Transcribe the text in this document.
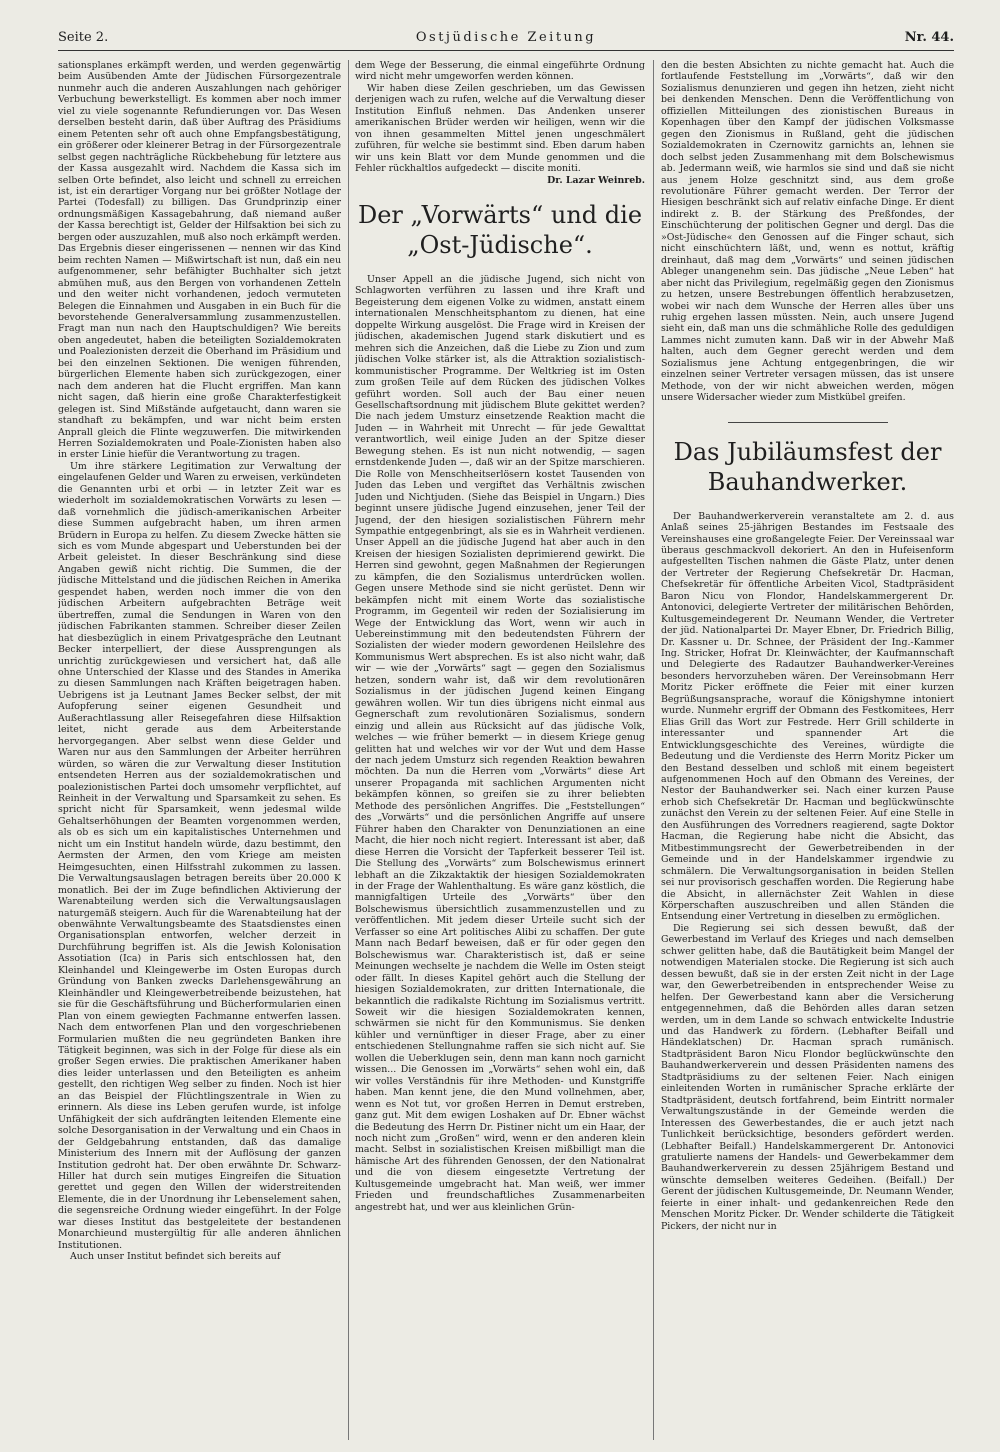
Seite 2.	Ostjüdische Zeitung	Nr. 44.

sationsplanes erkämpft werden, und werden gegenwärtig beim Ausübenden Amte der Jüdischen Fürsorgezentrale nunmehr auch die anderen Auszahlungen nach gehöriger Verbuchung bewerkstelligt. Es kommen aber noch immer viel zu viele sogenannte Refundierungen vor. Das Wesen derselben besteht darin, daß über Auftrag des Präsidiums einem Petenten sehr oft auch ohne Empfangsbestätigung, ein größerer oder kleinerer Betrag in der Fürsorgezentrale selbst gegen nachträgliche Rückbehebung für letztere aus der Kassa ausgezahlt wird. Nachdem die Kassa sich im selben Orte befindet, also leicht und schnell zu erreichen ist, ist ein derartiger Vorgang nur bei größter Notlage der Partei (Todesfall) zu billigen. Das Grundprinzip einer ordnungsmäßigen Kassagebahrung, daß niemand außer der Kassa berechtigt ist, Gelder der Hilfsaktion bei sich zu bergen oder auszuzahlen, muß also noch erkämpft werden. Das Ergebnis dieser eingerissenen — nennen wir das Kind beim rechten Namen — Mißwirtschaft ist nun, daß ein neu aufgenommener, sehr befähigter Buchhalter sich jetzt abmühen muß, aus den Bergen von vorhandenen Zetteln und den weiter nicht vorhandenen, jedoch vermuteten Belegen die Einnahmen und Ausgaben in ein Buch für die bevorstehende Generalversammlung zusammenzustellen. Fragt man nun nach den Hauptschuldigen? Wie bereits oben angedeutet, haben die beteiligten Sozialdemokraten und Poalezionisten derzeit die Oberhand im Präsidium und bei den einzelnen Sektionen. Die wenigen führenden, bürgerlichen Elemente haben sich zurückgezogen, einer nach dem anderen hat die Flucht ergriffen. Man kann nicht sagen, daß hierin eine große Charakterfestigkeit gelegen ist. Sind Mißstände aufgetaucht, dann waren sie standhaft zu bekämpfen, und war nicht beim ersten Anprall gleich die Flinte wegzuwerfen. Die mitwirkenden Herren Sozialdemokraten und Poale-Zionisten haben also in erster Linie hiefür die Verantwortung zu tragen.

Um ihre stärkere Legitimation zur Verwaltung der eingelaufenen Gelder und Waren zu erweisen, verkündeten die Genannten urbi et orbi — in letzter Zeit war es wiederholt im sozialdemokratischen Vorwärts zu lesen — daß vornehmlich die jüdisch-amerikanischen Arbeiter diese Summen aufgebracht haben, um ihren armen Brüdern in Europa zu helfen. Zu diesem Zwecke hätten sie sich es vom Munde abgespart und Ueberstunden bei der Arbeit geleistet. In dieser Beschränkung sind diese Angaben gewiß nicht richtig. Die Summen, die der jüdische Mittelstand und die jüdischen Reichen in Amerika gespendet haben, werden noch immer die von den jüdischen Arbeitern aufgebrachten Beträge weit übertreffen, zumal die Sendungen in Waren von den jüdischen Fabrikanten stammen. Schreiber dieser Zeilen hat diesbezüglich in einem Privatgespräche den Leutnant Becker interpelliert, der diese Aussprengungen als unrichtig zurückgewiesen und versichert hat, daß alle ohne Unterschied der Klasse und des Standes in Amerika zu diesen Sammlungen nach Kräften beigetragen haben. Uebrigens ist ja Leutnant James Becker selbst, der mit Aufopferung seiner eigenen Gesundheit und Außerachtlassung aller Reisegefahren diese Hilfsaktion leitet, nicht gerade aus dem Arbeiterstande hervorgegangen. Aber selbst wenn diese Gelder und Waren nur aus den Sammlungen der Arbeiter herrühren würden, so wären die zur Verwaltung dieser Institution entsendeten Herren aus der sozialdemokratischen und poalezionistischen Partei doch umsomehr verpflichtet, auf Reinheit in der Verwaltung und Sparsamkeit zu sehen. Es spricht nicht für Sparsamkeit, wenn jedesmal wilde Gehaltserhöhungen der Beamten vorgenommen werden, als ob es sich um ein kapitalistisches Unternehmen und nicht um ein Institut handeln würde, dazu bestimmt, den Aermsten der Armen, den vom Kriege am meisten Heimgesuchten, einen Hilfsstrahl zukommen zu lassen. Die Verwaltungsauslagen betragen bereits über 20.000 K monatlich. Bei der im Zuge befindlichen Aktivierung der Warenabteilung werden sich die Verwaltungsauslagen naturgemäß steigern. Auch für die Warenabteilung hat der obenwähnte Verwaltungsbeamte des Staatsdienstes einen Organisationsplan entworfen, welcher derzeit in Durchführung begriffen ist. Als die Jewish Kolonisation Assotiation (Ica) in Paris sich entschlossen hat, den Kleinhandel und Kleingewerbe im Osten Europas durch Gründung von Banken zwecks Darlehensgewährung an Kleinhändler und Kleingewerbetreibende beizustehen, hat sie für die Geschäftsführung und Bücherformularien einen Plan von einem gewiegten Fachmanne entwerfen lassen. Nach dem entworfenen Plan und den vorgeschriebenen Formularien mußten die neu gegründeten Banken ihre Tätigkeit beginnen, was sich in der Folge für diese als ein großer Segen erwies. Die praktischen Amerikaner haben dies leider unterlassen und den Beteiligten es anheim gestellt, den richtigen Weg selber zu finden. Noch ist hier an das Beispiel der Flüchtlingszentrale in Wien zu erinnern. Als diese ins Leben gerufen wurde, ist infolge Unfähigkeit der sich aufdrängten leitenden Elemente eine solche Desorganisation in der Verwaltung und ein Chaos in der Geldgebahrung entstanden, daß das damalige Ministerium des Innern mit der Auflösung der ganzen Institution gedroht hat. Der oben erwähnte Dr. Schwarz-Hiller hat durch sein mutiges Eingreifen die Situation gerettet und gegen den Willen der widerstreitenden Elemente, die in der Unordnung ihr Lebenselement sahen, die segensreiche Ordnung wieder eingeführt. In der Folge war dieses Institut das bestgeleitete der bestandenen Monarchieund mustergültig für alle anderen ähnlichen Institutionen.

Auch unser Institut befindet sich bereits auf

dem Wege der Besserung, die einmal eingeführte Ordnung wird nicht mehr umgeworfen werden können.

Wir haben diese Zeilen geschrieben, um das Gewissen derjenigen wach zu rufen, welche auf die Verwaltung dieser Institution Einfluß nehmen. Das Andenken unserer amerikanischen Brüder werden wir heiligen, wenn wir die von ihnen gesammelten Mittel jenen ungeschmälert zuführen, für welche sie bestimmt sind. Eben darum haben wir uns kein Blatt vor dem Munde genommen und die Fehler rückhaltlos aufgedeckt — discite moniti.

Dr. Lazar Weinreb.

Der „Vorwärts“ und die „Ost-Jüdische“.

Unser Appell an die jüdische Jugend, sich nicht von Schlagworten verführen zu lassen und ihre Kraft und Begeisterung dem eigenen Volke zu widmen, anstatt einem internationalen Menschheitsphantom zu dienen, hat eine doppelte Wirkung ausgelöst. Die Frage wird in Kreisen der jüdischen, akademischen Jugend stark diskutiert und es mehren sich die Anzeichen, daß die Liebe zu Zion und zum jüdischen Volke stärker ist, als die Attraktion sozialistisch-kommunistischer Programme. Der Weltkrieg ist im Osten zum großen Teile auf dem Rücken des jüdischen Volkes geführt worden. Soll auch der Bau einer neuen Gesellschaftsordnung mit jüdischem Blute gekittet werden? Die nach jedem Umsturz einsetzende Reaktion macht die Juden — in Wahrheit mit Unrecht — für jede Gewalttat verantwortlich, weil einige Juden an der Spitze dieser Bewegung stehen. Es ist nun nicht notwendig, — sagen ernstdenkende Juden —, daß wir an der Spitze marschieren. Die Rolle von Menschheitserlösern kostet Tausenden von Juden das Leben und vergiftet das Verhältnis zwischen Juden und Nichtjuden. (Siehe das Beispiel in Ungarn.) Dies beginnt unsere jüdische Jugend einzusehen, jener Teil der Jugend, der den hiesigen sozialistischen Führern mehr Sympathie entgegenbringt, als sie es in Wahrheit verdienen. Unser Appell an die jüdische Jugend hat aber auch in den Kreisen der hiesigen Sozialisten deprimierend gewirkt. Die Herren sind gewohnt, gegen Maßnahmen der Regierungen zu kämpfen, die den Sozialismus unterdrücken wollen. Gegen unsere Methode sind sie nicht gerüstet. Denn wir bekämpfen nicht mit einem Worte das sozialistische Programm, im Gegenteil wir reden der Sozialisierung im Wege der Entwicklung das Wort, wenn wir auch in Uebereinstimmung mit den bedeutendsten Führern der Sozialisten der wieder modern gewordenen Heilslehre des Kommunismus Wert absprechen. Es ist also nicht wahr, daß wir — wie der „Vorwärts“ sagt — gegen den Sozialismus hetzen, sondern wahr ist, daß wir dem revolutionären Sozialismus in der jüdischen Jugend keinen Eingang gewähren wollen. Wir tun dies übrigens nicht einmal aus Gegnerschaft zum revolutionären Sozialismus, sondern einzig und allein aus Rücksicht auf das jüdische Volk, welches — wie früher bemerkt — in diesem Kriege genug gelitten hat und welches wir vor der Wut und dem Hasse der nach jedem Umsturz sich regenden Reaktion bewahren möchten. Da nun die Herren vom „Vorwärts“ diese Art unserer Propaganda mit sachlichen Argumenten nicht bekämpfen können, so greifen sie zu ihrer beliebten Methode des persönlichen Angriffes. Die „Feststellungen“ des „Vorwärts“ und die persönlichen Angriffe auf unsere Führer haben den Charakter von Denunziationen an eine Macht, die hier noch nicht regiert. Interessant ist aber, daß diese Herren die Vorsicht der Tapferkeit besserer Teil ist. Die Stellung des „Vorwärts“ zum Bolschewismus erinnert lebhaft an die Zikzaktaktik der hiesigen Sozialdemokraten in der Frage der Wahlenthaltung. Es wäre ganz köstlich, die mannigfaltigen Urteile des „Vorwärts“ über den Bolschewismus übersichtlich zusammenzustellen und zu veröffentlichen. Mit jedem dieser Urteile sucht sich der Verfasser so eine Art politisches Alibi zu schaffen. Der gute Mann nach Bedarf beweisen, daß er für oder gegen den Bolschewismus war. Charakteristisch ist, daß er seine Meinungen wechselte je nachdem die Welle im Osten steigt oder fällt. In dieses Kapitel gehört auch die Stellung der hiesigen Sozialdemokraten, zur dritten Internationale, die bekanntlich die radikalste Richtung im Sozialismus vertritt. Soweit wir die hiesigen Sozialdemokraten kennen, schwärmen sie nicht für den Kommunismus. Sie denken kühler und vernünftiger in dieser Frage, aber zu einer entschiedenen Stellungnahme raffen sie sich nicht auf. Sie wollen die Ueberklugen sein, denn man kann noch garnicht wissen... Die Genossen im „Vorwärts“ sehen wohl ein, daß wir volles Verständnis für ihre Methoden- und Kunstgriffe haben. Man kennt jene, die den Mund vollnehmen, aber, wenn es Not tut, vor großen Herren in Demut erstreben, ganz gut. Mit dem ewigen Loshaken auf Dr. Ebner wächst die Bedeutung des Herrn Dr. Pistiner nicht um ein Haar, der noch nicht zum „Großen“ wird, wenn er den anderen klein macht. Selbst in sozialistischen Kreisen mißbilligt man die hämische Art des führenden Genossen, der den Nationalrat und die von diesem eingesetzte Vertretung der Kultusgemeinde umgebracht hat. Man weiß, wer immer Frieden und freundschaftliches Zusammenarbeiten angestrebt hat, und wer aus kleinlichen Grün-

den die besten Absichten zu nichte gemacht hat. Auch die fortlaufende Feststellung im „Vorwärts“, daß wir den Sozialismus denunzieren und gegen ihn hetzen, zieht nicht bei denkenden Menschen. Denn die Veröffentlichung von offiziellen Mitteilungen des zionistischen Bureaus in Kopenhagen über den Kampf der jüdischen Volksmasse gegen den Zionismus in Rußland, geht die jüdischen Sozialdemokraten in Czernowitz garnichts an, lehnen sie doch selbst jeden Zusammenhang mit dem Bolschewismus ab. Jedermann weiß, wie harmlos sie sind und daß sie nicht aus jenem Holze geschnitzt sind, aus dem große revolutionäre Führer gemacht werden. Der Terror der Hiesigen beschränkt sich auf relativ einfache Dinge. Er dient indirekt z. B. der Stärkung des Preßfondes, der Einschüchterung der politischen Gegner und dergl. Das die »Ost-Jüdische« den Genossen auf die Finger schaut, sich nicht einschüchtern läßt, und, wenn es nottut, kräftig dreinhaut, daß mag dem „Vorwärts“ und seinen jüdischen Ableger unangenehm sein. Das jüdische „Neue Leben“ hat aber nicht das Privilegium, regelmäßig gegen den Zionismus zu hetzen, unsere Bestrebungen öffentlich herabzusetzen, wobei wir nach dem Wunsche der Herren alles über uns ruhig ergehen lassen müssten. Nein, auch unsere Jugend sieht ein, daß man uns die schmähliche Rolle des geduldigen Lammes nicht zumuten kann. Daß wir in der Abwehr Maß halten, auch dem Gegner gerecht werden und dem Sozialismus jene Achtung entgegenbringen, die wir einzelnen seiner Vertreter versagen müssen, das ist unsere Methode, von der wir nicht abweichen werden, mögen unsere Widersacher wieder zum Mistkübel greifen.

Das Jubiläumsfest der Bauhandwerker.

Der Bauhandwerkerverein veranstaltete am 2. d. aus Anlaß seines 25-jährigen Bestandes im Festsaale des Vereinshauses eine großangelegte Feier. Der Vereinssaal war überaus geschmackvoll dekoriert. An den in Hufeisenform aufgestellten Tischen nahmen die Gäste Platz, unter denen der Vertreter der Regierung Chefsekretär Dr. Hacman, Chefsekretär für öffentliche Arbeiten Vicol, Stadtpräsident Baron Nicu von Flondor, Handelskammergerent Dr. Antonovici, delegierte Vertreter der militärischen Behörden, Kultusgemeindegerent Dr. Neumann Wender, die Vertreter der jüd. Nationalpartei Dr. Mayer Ebner, Dr. Friedrich Billig, Dr. Kassner u. Dr. Schnee, der Präsident der Ing.-Kammer Ing. Stricker, Hofrat Dr. Kleinwächter, der Kaufmannschaft und Delegierte des Radautzer Bauhandwerker-Vereines besonders hervorzuheben wären. Der Vereinsobmann Herr Moritz Picker eröffnete die Feier mit einer kurzen Begrüßungsansprache, worauf die Königshymne intoniert wurde. Nunmehr ergriff der Obmann des Festkomitees, Herr Elias Grill das Wort zur Festrede. Herr Grill schilderte in interessanter und spannender Art die Entwicklungsgeschichte des Vereines, würdigte die Bedeutung und die Verdienste des Herrn Moritz Picker um den Bestand desselben und schloß mit einem begeistert aufgenommenen Hoch auf den Obmann des Vereines, der Nestor der Bauhandwerker sei. Nach einer kurzen Pause erhob sich Chefsekretär Dr. Hacman und beglückwünschte zunächst den Verein zu der seltenen Feier. Auf eine Stelle in den Ausführungen des Vorredners reagierend, sagte Doktor Hacman, die Regierung habe nicht die Absicht, das Mitbestimmungsrecht der Gewerbetreibenden in der Gemeinde und in der Handelskammer irgendwie zu schmälern. Die Verwaltungsorganisation in beiden Stellen sei nur provisorisch geschaffen worden. Die Regierung habe die Absicht, in allernächster Zeit Wahlen in diese Körperschaften auszuschreiben und allen Ständen die Entsendung einer Vertretung in dieselben zu ermöglichen.

Die Regierung sei sich dessen bewußt, daß der Gewerbestand im Verlauf des Krieges und nach demselben schwer gelitten habe, daß die Bautätigkeit beim Mangel der notwendigen Materialen stocke. Die Regierung ist sich auch dessen bewußt, daß sie in der ersten Zeit nicht in der Lage war, den Gewerbetreibenden in entsprechender Weise zu helfen. Der Gewerbestand kann aber die Versicherung entgegennehmen, daß die Behörden alles daran setzen werden, um in dem Lande so schwach entwickelte Industrie und das Handwerk zu fördern. (Lebhafter Beifall und Händeklatschen) Dr. Hacman sprach rumänisch. Stadtpräsident Baron Nicu Flondor beglückwünschte den Bauhandwerkerverein und dessen Präsidenten namens des Stadtpräsidiums zu der seltenen Feier. Nach einigen einleitenden Worten in rumänischer Sprache erklärte der Stadtpräsident, deutsch fortfahrend, beim Eintritt normaler Verwaltungszustände in der Gemeinde werden die Interessen des Gewerbestandes, die er auch jetzt nach Tunlichkeit berücksichtige, besonders gefördert werden. (Lebhafter Beifall.) Handelskammergerent Dr. Antonovici gratulierte namens der Handels- und Gewerbekammer dem Bauhandwerkerverein zu dessen 25jährigem Bestand und wünschte demselben weiteres Gedeihen. (Beifall.) Der Gerent der jüdischen Kultusgemeinde, Dr. Neumann Wender, feierte in einer inhalt- und gedankenreichen Rede den Menschen Moritz Picker. Dr. Wender schilderte die Tätigkeit Pickers, der nicht nur in
